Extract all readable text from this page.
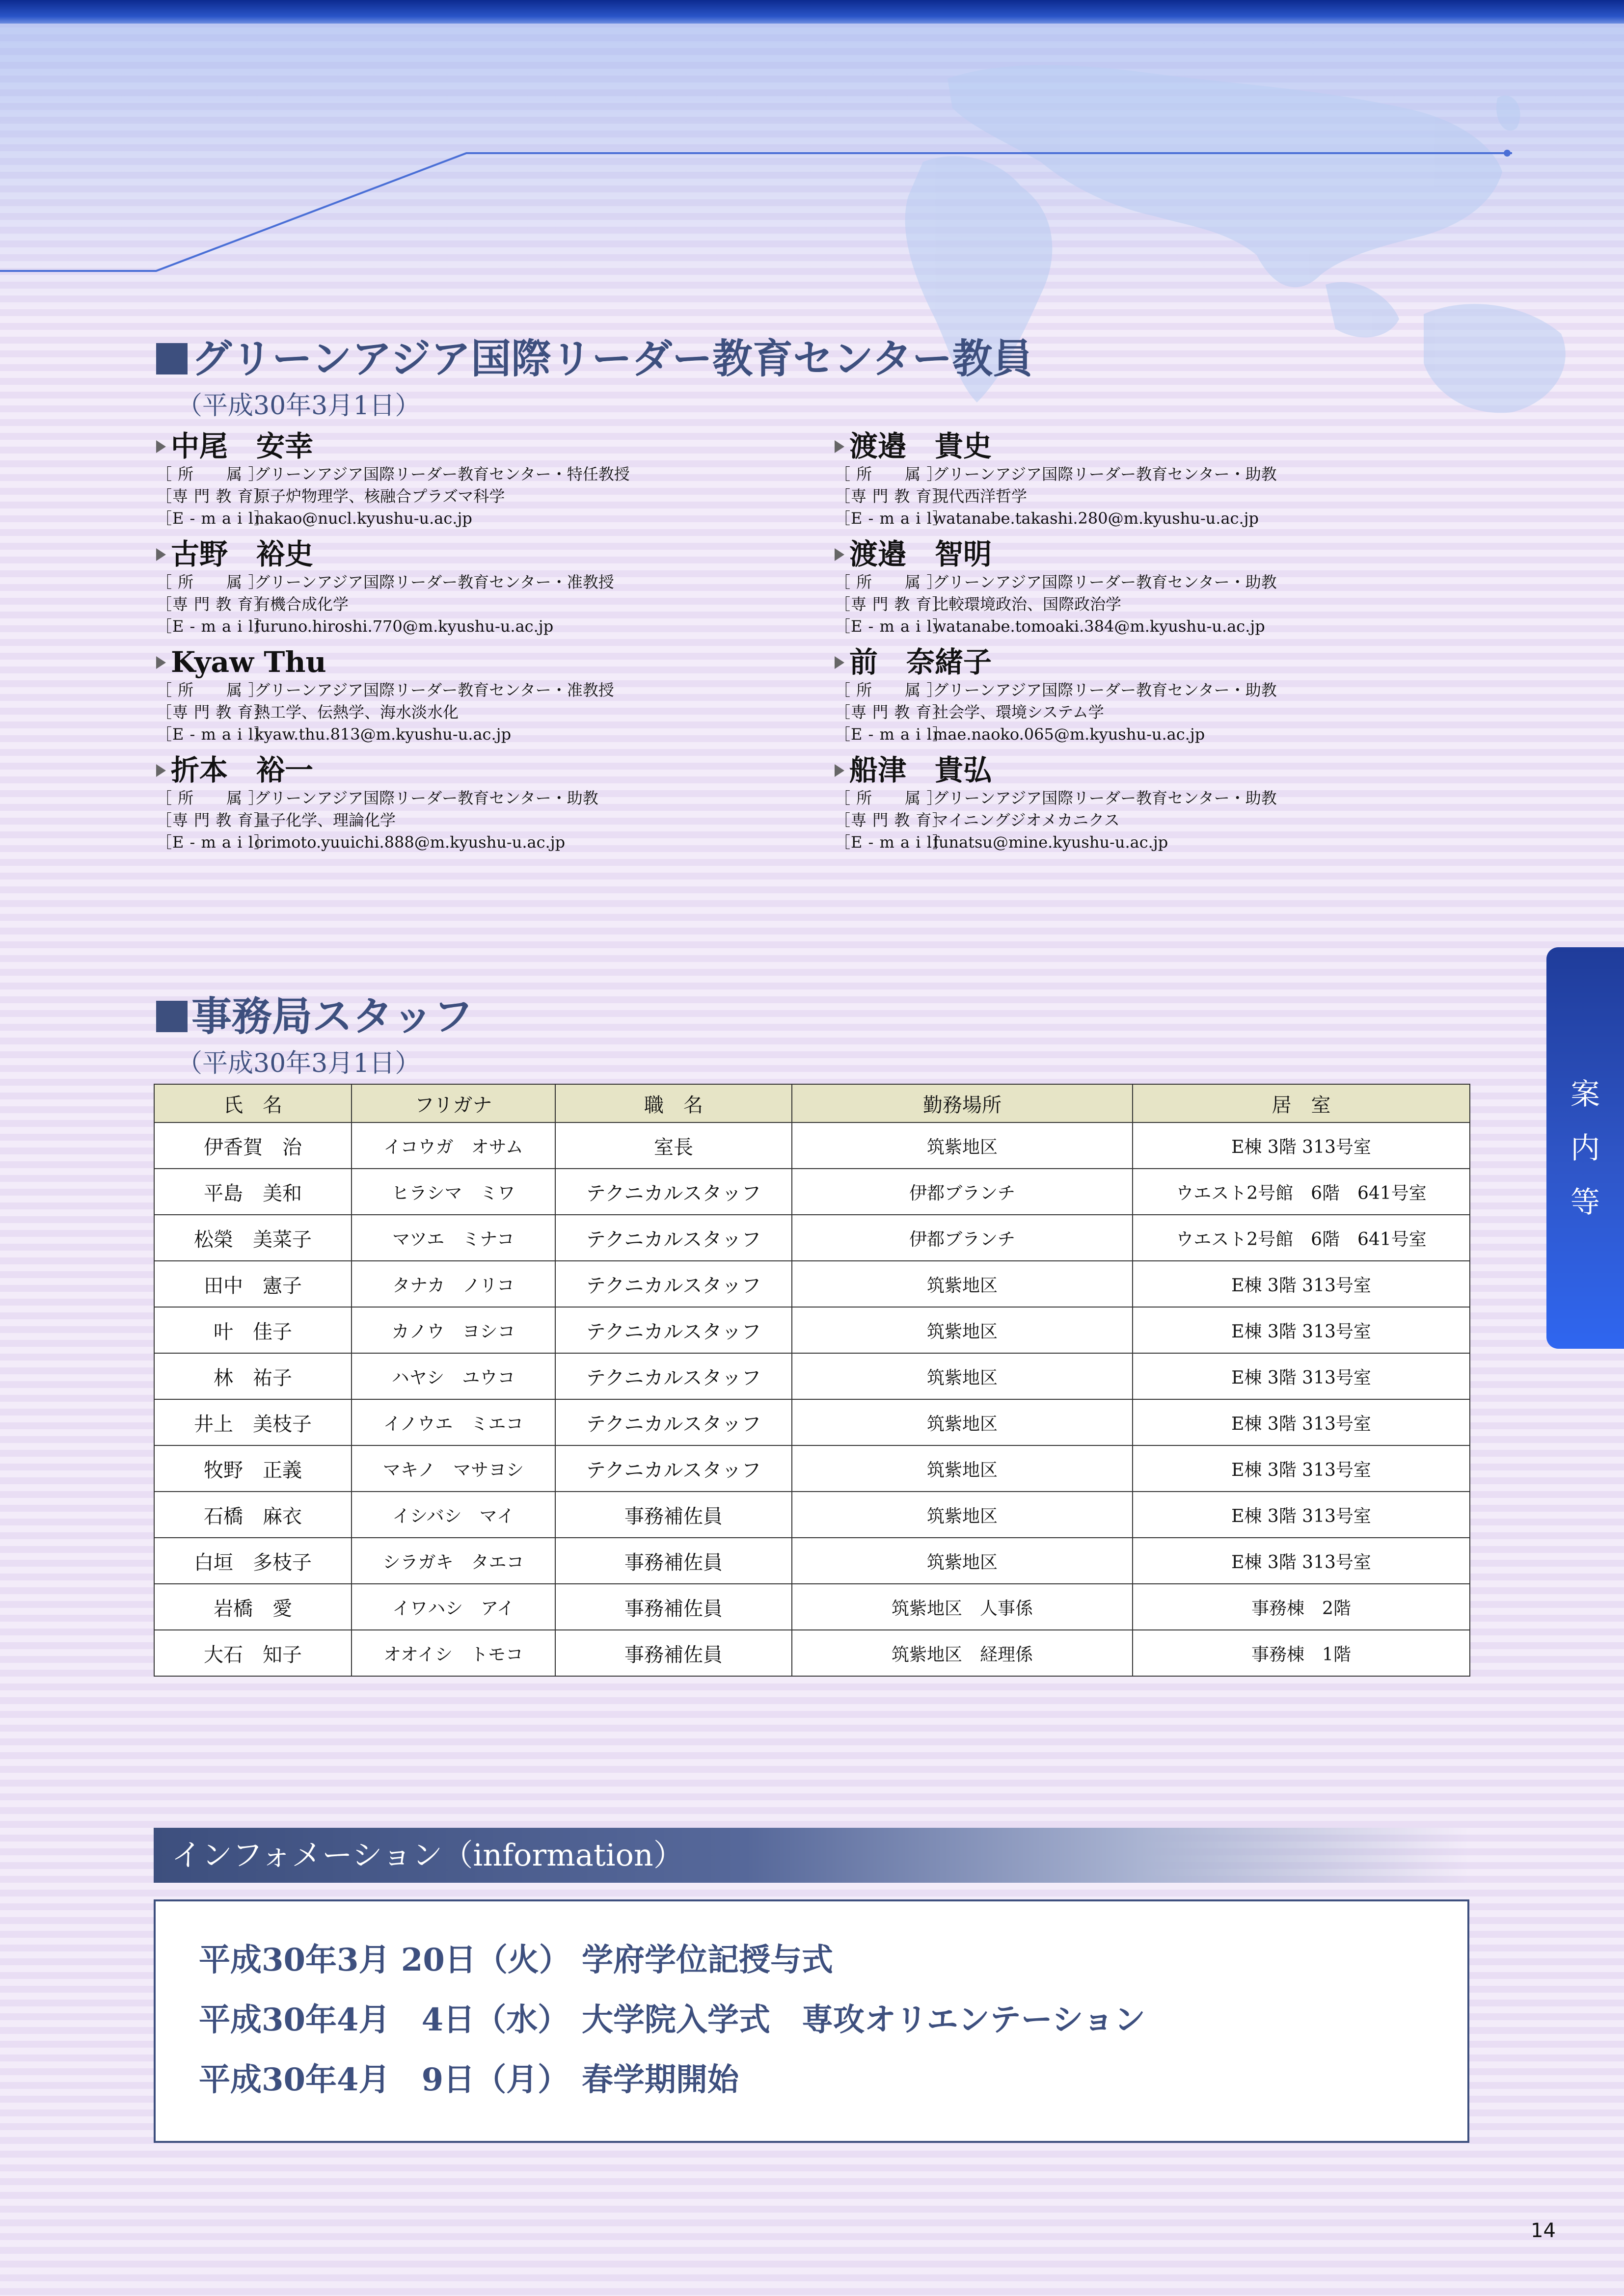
グリーンアジア国際リーダー教育センター教員
（平成30年3月1日）
中尾　安幸
［ 所　　属 ］グリーンアジア国際リーダー教育センター・特任教授
［専 門 教 育］原子炉物理学、核融合プラズマ科学
［E - m a i l］nakao@nucl.kyushu-u.ac.jp
古野　裕史
［ 所　　属 ］グリーンアジア国際リーダー教育センター・准教授
［専 門 教 育］有機合成化学
［E - m a i l］furuno.hiroshi.770@m.kyushu-u.ac.jp
Kyaw Thu
［ 所　　属 ］グリーンアジア国際リーダー教育センター・准教授
［専 門 教 育］熱工学、伝熱学、海水淡水化
［E - m a i l］kyaw.thu.813@m.kyushu-u.ac.jp
折本　裕一
［ 所　　属 ］グリーンアジア国際リーダー教育センター・助教
［専 門 教 育］量子化学、理論化学
［E - m a i l］orimoto.yuuichi.888@m.kyushu-u.ac.jp
渡邉　貴史
［ 所　　属 ］グリーンアジア国際リーダー教育センター・助教
［専 門 教 育］現代西洋哲学
［E - m a i l］watanabe.takashi.280@m.kyushu-u.ac.jp
渡邉　智明
［ 所　　属 ］グリーンアジア国際リーダー教育センター・助教
［専 門 教 育］比較環境政治、国際政治学
［E - m a i l］watanabe.tomoaki.384@m.kyushu-u.ac.jp
前　奈緒子
［ 所　　属 ］グリーンアジア国際リーダー教育センター・助教
［専 門 教 育］社会学、環境システム学
［E - m a i l］mae.naoko.065@m.kyushu-u.ac.jp
船津　貴弘
［ 所　　属 ］グリーンアジア国際リーダー教育センター・助教
［専 門 教 育］マイニングジオメカニクス
［E - m a i l］funatsu@mine.kyushu-u.ac.jp
事務局スタッフ
（平成30年3月1日）
氏　名	フリガナ	職　名	勤務場所	居　室
伊香賀　治	イコウガ　オサム	室長	筑紫地区	E棟 3階 313号室
平島　美和	ヒラシマ　ミワ	テクニカルスタッフ	伊都ブランチ	ウエスト2号館　6階　641号室
松榮　美菜子	マツエ　ミナコ	テクニカルスタッフ	伊都ブランチ	ウエスト2号館　6階　641号室
田中　憲子	タナカ　ノリコ	テクニカルスタッフ	筑紫地区	E棟 3階 313号室
叶　佳子	カノウ　ヨシコ	テクニカルスタッフ	筑紫地区	E棟 3階 313号室
林　祐子	ハヤシ　ユウコ	テクニカルスタッフ	筑紫地区	E棟 3階 313号室
井上　美枝子	イノウエ　ミエコ	テクニカルスタッフ	筑紫地区	E棟 3階 313号室
牧野　正義	マキノ　マサヨシ	テクニカルスタッフ	筑紫地区	E棟 3階 313号室
石橋　麻衣	イシバシ　マイ	事務補佐員	筑紫地区	E棟 3階 313号室
白垣　多枝子	シラガキ　タエコ	事務補佐員	筑紫地区	E棟 3階 313号室
岩橋　愛	イワハシ　アイ	事務補佐員	筑紫地区　人事係	事務棟　2階
大石　知子	オオイシ　トモコ	事務補佐員	筑紫地区　経理係	事務棟　1階
インフォメーション（information）
平成30年3月 20日（火） 学府学位記授与式
平成30年4月　4日（水） 大学院入学式　専攻オリエンテーション
平成30年4月　9日（月） 春学期開始
案
内
等
14
